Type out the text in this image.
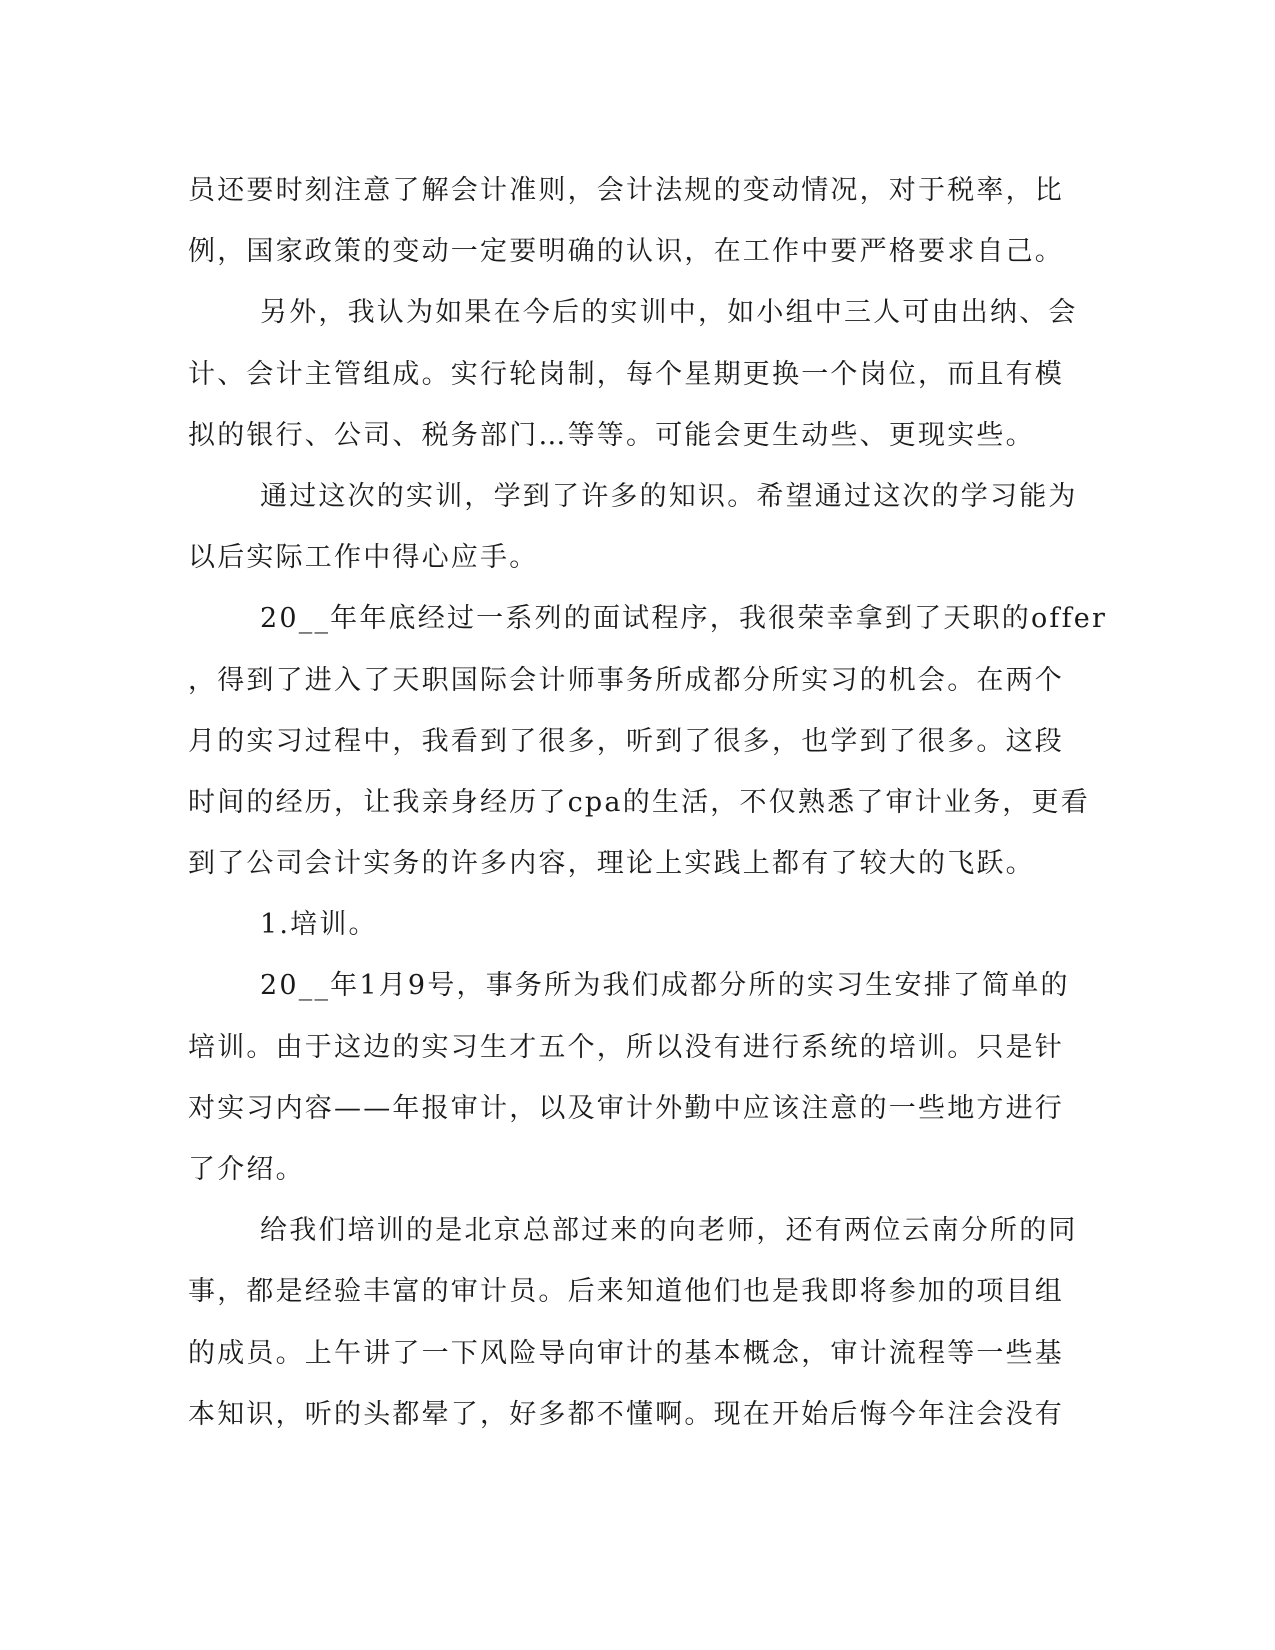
员还要时刻注意了解会计准则，会计法规的变动情况，对于税率，比
例，国家政策的变动一定要明确的认识，在工作中要严格要求自己。
另外，我认为如果在今后的实训中，如小组中三人可由出纳、会
计、会计主管组成。实行轮岗制，每个星期更换一个岗位，而且有模
拟的银行、公司、税务部门…等等。可能会更生动些、更现实些。
通过这次的实训，学到了许多的知识。希望通过这次的学习能为
以后实际工作中得心应手。
20__年年底经过一系列的面试程序，我很荣幸拿到了天职的offer
，得到了进入了天职国际会计师事务所成都分所实习的机会。在两个
月的实习过程中，我看到了很多，听到了很多，也学到了很多。这段
时间的经历，让我亲身经历了cpa的生活，不仅熟悉了审计业务，更看
到了公司会计实务的许多内容，理论上实践上都有了较大的飞跃。
1.培训。
20__年1月9号，事务所为我们成都分所的实习生安排了简单的
培训。由于这边的实习生才五个，所以没有进行系统的培训。只是针
对实习内容——年报审计，以及审计外勤中应该注意的一些地方进行
了介绍。
给我们培训的是北京总部过来的向老师，还有两位云南分所的同
事，都是经验丰富的审计员。后来知道他们也是我即将参加的项目组
的成员。上午讲了一下风险导向审计的基本概念，审计流程等一些基
本知识，听的头都晕了，好多都不懂啊。现在开始后悔今年注会没有
